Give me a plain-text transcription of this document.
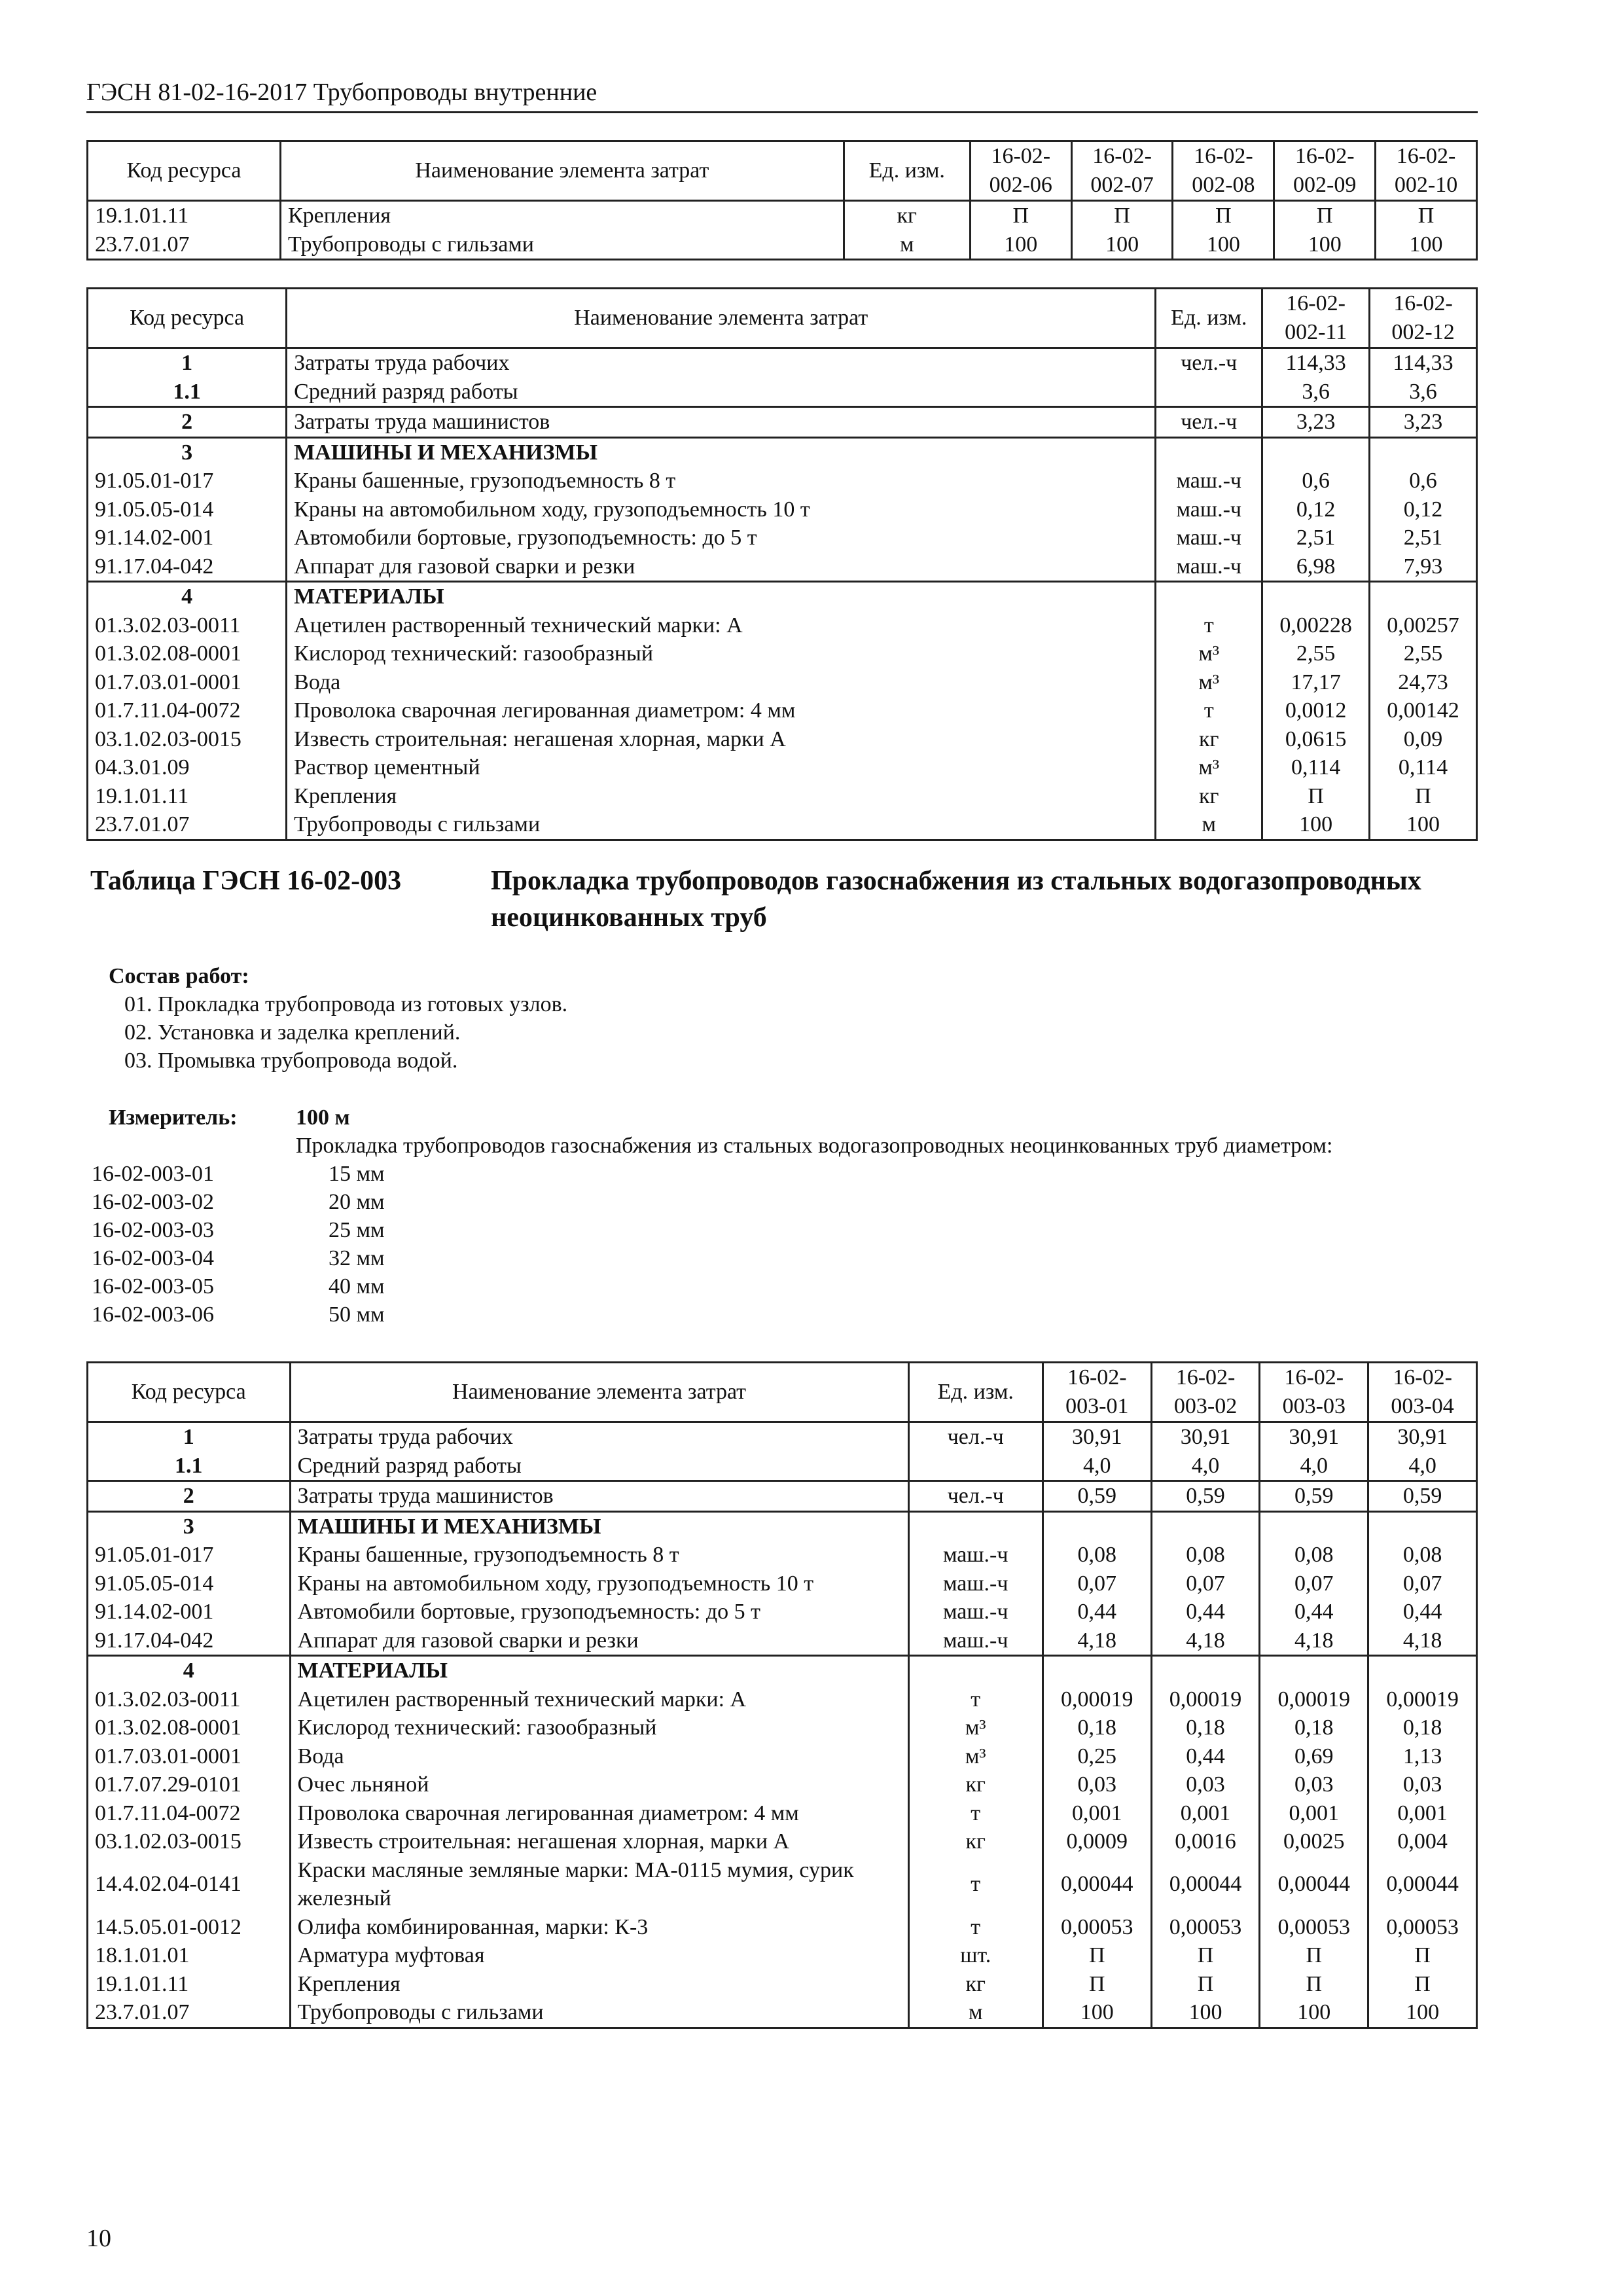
ГЭСН 81-02-16-2017 Трубопроводы внутренние
Код ресурса	Наименование элемента затрат	Ед. изм.	16-02-002-06	16-02-002-07	16-02-002-08	16-02-002-09	16-02-002-10
19.1.01.11	Крепления	кг	П	П	П	П	П
23.7.01.07	Трубопроводы с гильзами	м	100	100	100	100	100
Код ресурса	Наименование элемента затрат	Ед. изм.	16-02-002-11	16-02-002-12
1	Затраты труда рабочих	чел.-ч	114,33	114,33
1.1	Средний разряд работы		3,6	3,6
2	Затраты труда машинистов	чел.-ч	3,23	3,23
3	МАШИНЫ И МЕХАНИЗМЫ			
91.05.01-017	Краны башенные, грузоподъемность 8 т	маш.-ч	0,6	0,6
91.05.05-014	Краны на автомобильном ходу, грузоподъемность 10 т	маш.-ч	0,12	0,12
91.14.02-001	Автомобили бортовые, грузоподъемность: до 5 т	маш.-ч	2,51	2,51
91.17.04-042	Аппарат для газовой сварки и резки	маш.-ч	6,98	7,93
4	МАТЕРИАЛЫ			
01.3.02.03-0011	Ацетилен растворенный технический марки: А	т	0,00228	0,00257
01.3.02.08-0001	Кислород технический: газообразный	м³	2,55	2,55
01.7.03.01-0001	Вода	м³	17,17	24,73
01.7.11.04-0072	Проволока сварочная легированная диаметром: 4 мм	т	0,0012	0,00142
03.1.02.03-0015	Известь строительная: негашеная хлорная, марки А	кг	0,0615	0,09
04.3.01.09	Раствор цементный	м³	0,114	0,114
19.1.01.11	Крепления	кг	П	П
23.7.01.07	Трубопроводы с гильзами	м	100	100
Таблица ГЭСН 16-02-003	Прокладка трубопроводов газоснабжения из стальных водогазопроводных неоцинкованных труб
Состав работ:
01. Прокладка трубопровода из готовых узлов.
02. Установка и заделка креплений.
03. Промывка трубопровода водой.
Измеритель:	100 м
Прокладка трубопроводов газоснабжения из стальных водогазопроводных неоцинкованных труб диаметром:
16-02-003-01	15 мм
16-02-003-02	20 мм
16-02-003-03	25 мм
16-02-003-04	32 мм
16-02-003-05	40 мм
16-02-003-06	50 мм
Код ресурса	Наименование элемента затрат	Ед. изм.	16-02-003-01	16-02-003-02	16-02-003-03	16-02-003-04
1	Затраты труда рабочих	чел.-ч	30,91	30,91	30,91	30,91
1.1	Средний разряд работы		4,0	4,0	4,0	4,0
2	Затраты труда машинистов	чел.-ч	0,59	0,59	0,59	0,59
3	МАШИНЫ И МЕХАНИЗМЫ					
91.05.01-017	Краны башенные, грузоподъемность 8 т	маш.-ч	0,08	0,08	0,08	0,08
91.05.05-014	Краны на автомобильном ходу, грузоподъемность 10 т	маш.-ч	0,07	0,07	0,07	0,07
91.14.02-001	Автомобили бортовые, грузоподъемность: до 5 т	маш.-ч	0,44	0,44	0,44	0,44
91.17.04-042	Аппарат для газовой сварки и резки	маш.-ч	4,18	4,18	4,18	4,18
4	МАТЕРИАЛЫ					
01.3.02.03-0011	Ацетилен растворенный технический марки: А	т	0,00019	0,00019	0,00019	0,00019
01.3.02.08-0001	Кислород технический: газообразный	м³	0,18	0,18	0,18	0,18
01.7.03.01-0001	Вода	м³	0,25	0,44	0,69	1,13
01.7.07.29-0101	Очес льняной	кг	0,03	0,03	0,03	0,03
01.7.11.04-0072	Проволока сварочная легированная диаметром: 4 мм	т	0,001	0,001	0,001	0,001
03.1.02.03-0015	Известь строительная: негашеная хлорная, марки А	кг	0,0009	0,0016	0,0025	0,004
14.4.02.04-0141	Краски масляные земляные марки: МА-0115 мумия, сурик железный	т	0,00044	0,00044	0,00044	0,00044
14.5.05.01-0012	Олифа комбинированная, марки: К-3	т	0,00053	0,00053	0,00053	0,00053
18.1.01.01	Арматура муфтовая	шт.	П	П	П	П
19.1.01.11	Крепления	кг	П	П	П	П
23.7.01.07	Трубопроводы с гильзами	м	100	100	100	100
10
